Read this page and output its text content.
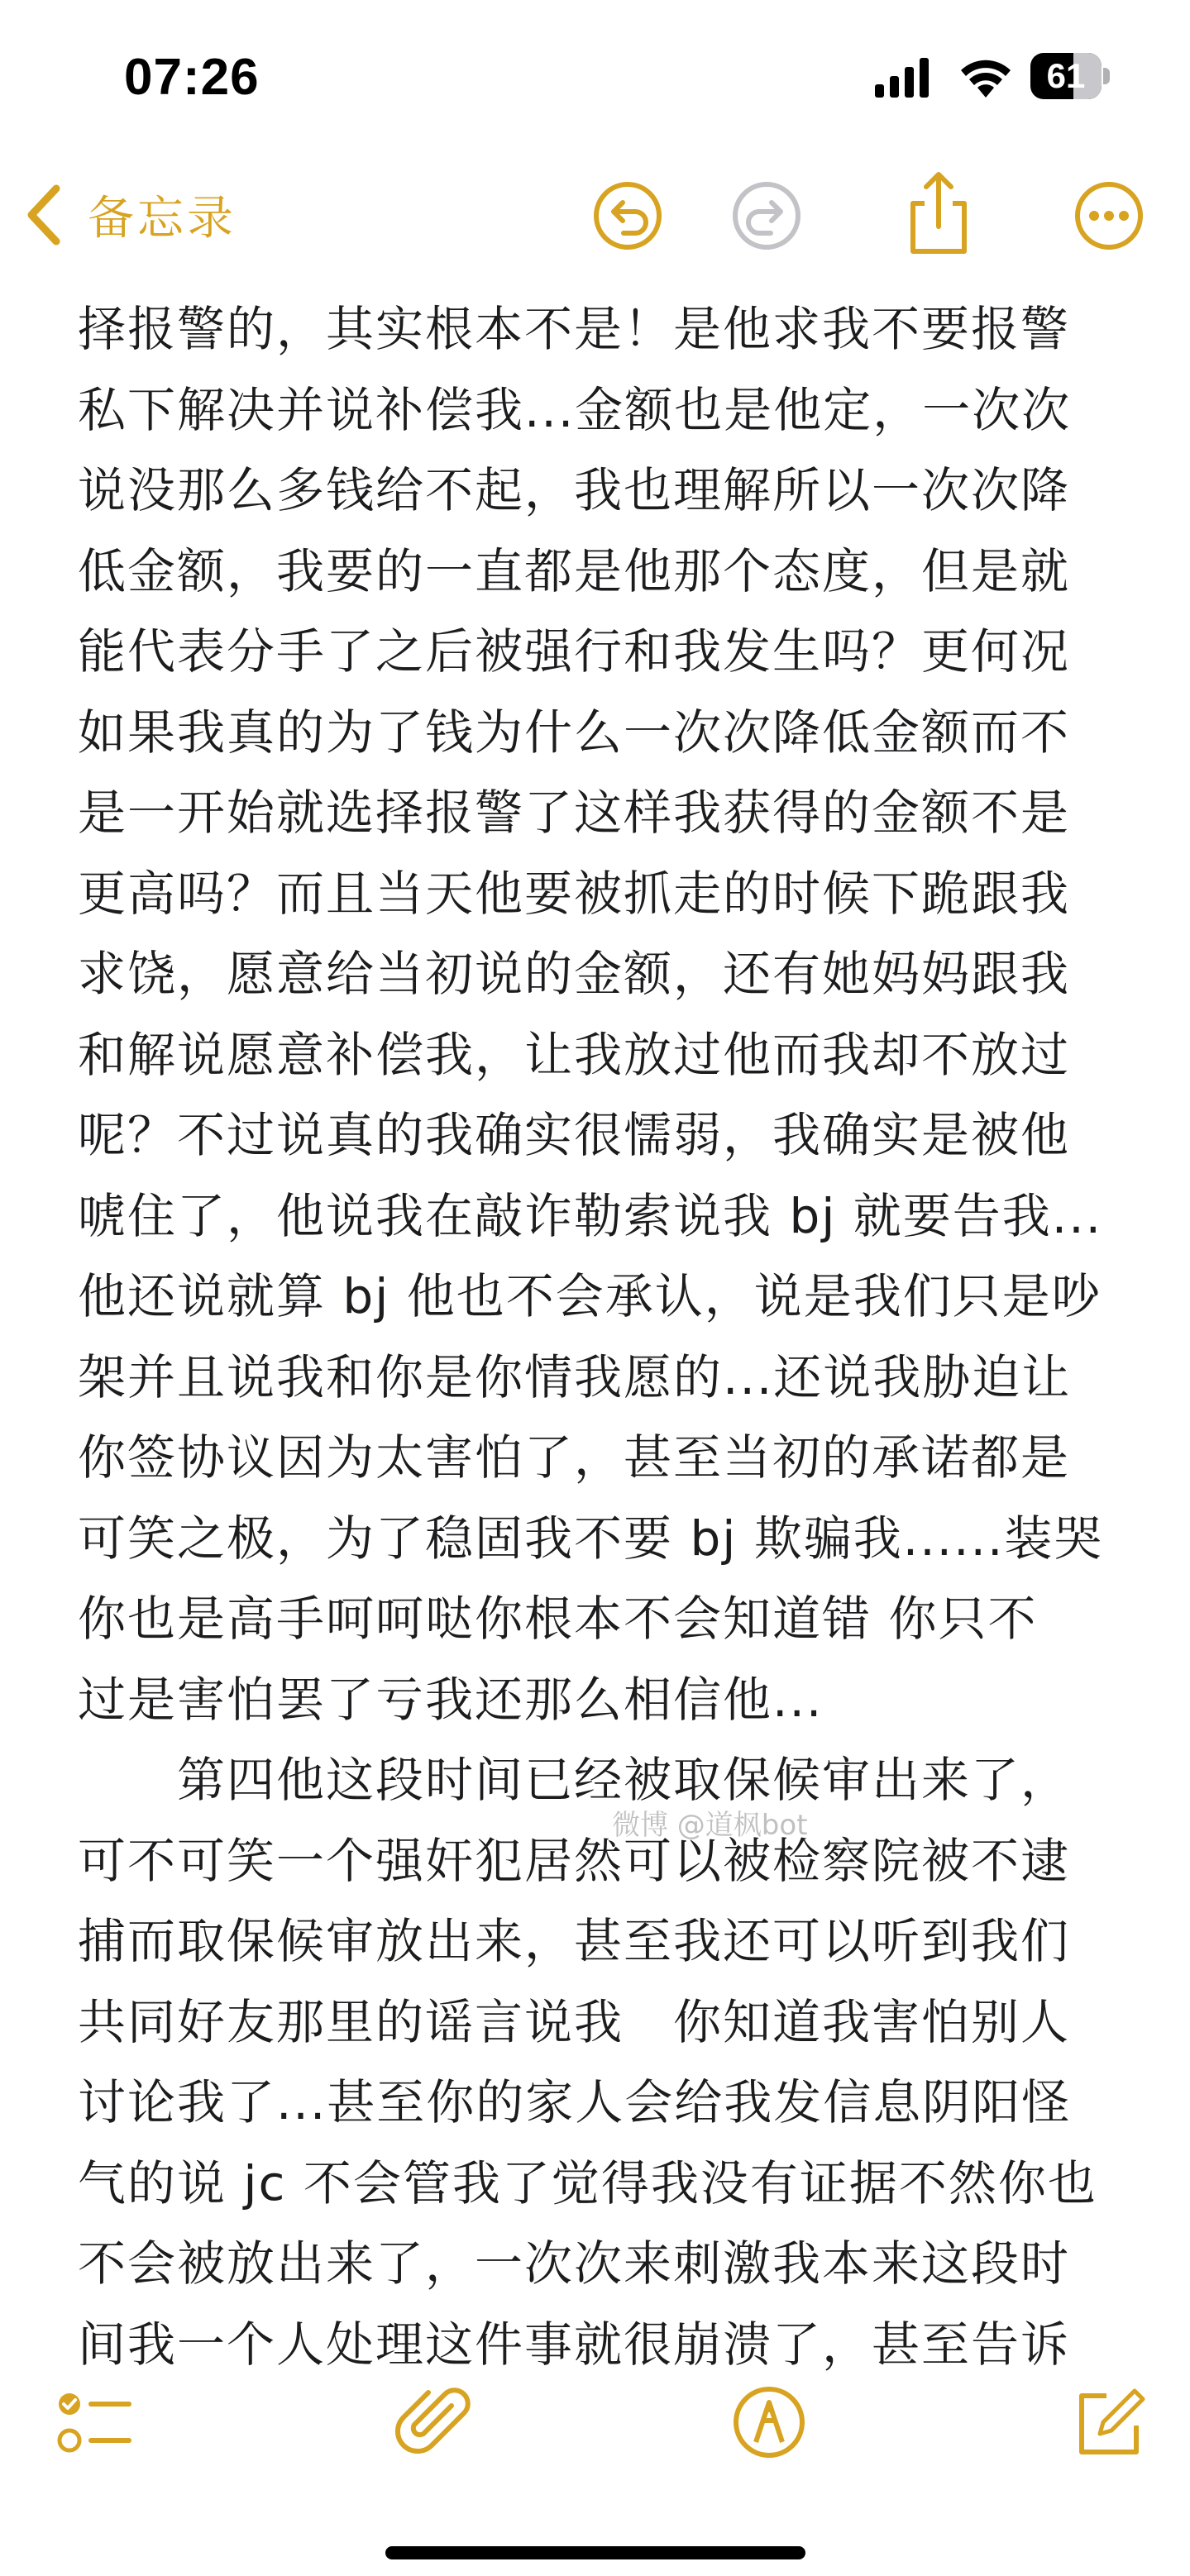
07:26	61
备忘录
择报警的，其实根本不是！是他求我不要报警
私下解决并说补偿我...金额也是他定，一次次
说没那么多钱给不起，我也理解所以一次次降
低金额，我要的一直都是他那个态度，但是就
能代表分手了之后被强行和我发生吗？更何况
如果我真的为了钱为什么一次次降低金额而不
是一开始就选择报警了这样我获得的金额不是
更高吗？而且当天他要被抓走的时候下跪跟我
求饶，愿意给当初说的金额，还有她妈妈跟我
和解说愿意补偿我，让我放过他而我却不放过
呢？不过说真的我确实很懦弱，我确实是被他
唬住了，他说我在敲诈勒索说我 bj 就要告我...
他还说就算 bj 他也不会承认，说是我们只是吵
架并且说我和你是你情我愿的...还说我胁迫让
你签协议因为太害怕了，甚至当初的承诺都是
可笑之极，为了稳固我不要 bj 欺骗我......装哭
你也是高手呵呵哒你根本不会知道错 你只不
过是害怕罢了亏我还那么相信他...
　　第四他这段时间已经被取保候审出来了，
可不可笑一个强奸犯居然可以被检察院被不逮
捕而取保候审放出来，甚至我还可以听到我们
共同好友那里的谣言说我　你知道我害怕别人
讨论我了...甚至你的家人会给我发信息阴阳怪
气的说 jc 不会管我了觉得我没有证据不然你也
不会被放出来了，一次次来刺激我本来这段时
间我一个人处理这件事就很崩溃了，甚至告诉
微博 @道枫bot
